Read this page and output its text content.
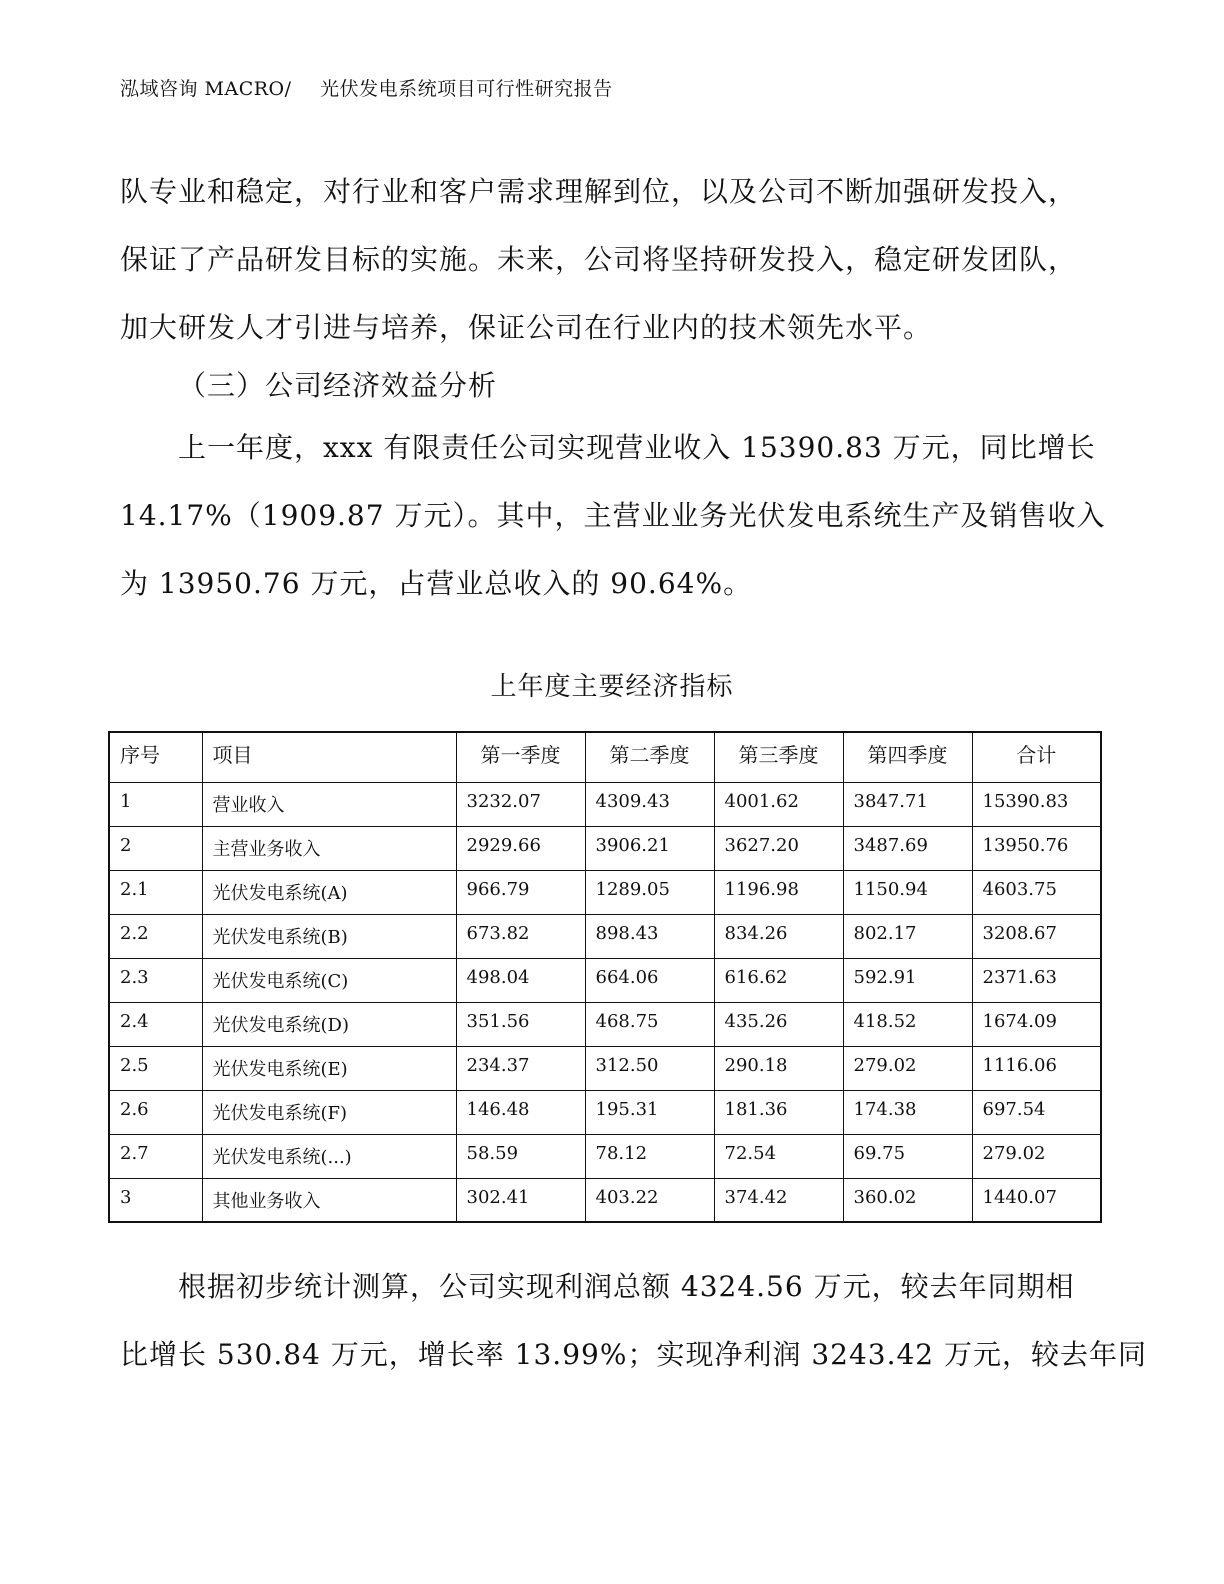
泓域咨询 MACRO/ 光伏发电系统项目可行性研究报告

队专业和稳定，对行业和客户需求理解到位，以及公司不断加强研发投入，

保证了产品研发目标的实施。未来，公司将坚持研发投入，稳定研发团队，

加大研发人才引进与培养，保证公司在行业内的技术领先水平。

（三）公司经济效益分析

上一年度，xxx 有限责任公司实现营业收入 15390.83 万元，同比增长

14.17%（1909.87 万元）。其中，主营业业务光伏发电系统生产及销售收入

为 13950.76 万元，占营业总收入的 90.64%。

上年度主要经济指标
序号	项目	第一季度	第二季度	第三季度	第四季度	合计
1	营业收入	3232.07	4309.43	4001.62	3847.71	15390.83
2	主营业务收入	2929.66	3906.21	3627.20	3487.69	13950.76
2.1	光伏发电系统(A)	966.79	1289.05	1196.98	1150.94	4603.75
2.2	光伏发电系统(B)	673.82	898.43	834.26	802.17	3208.67
2.3	光伏发电系统(C)	498.04	664.06	616.62	592.91	2371.63
2.4	光伏发电系统(D)	351.56	468.75	435.26	418.52	1674.09
2.5	光伏发电系统(E)	234.37	312.50	290.18	279.02	1116.06
2.6	光伏发电系统(F)	146.48	195.31	181.36	174.38	697.54
2.7	光伏发电系统(...)	58.59	78.12	72.54	69.75	279.02
3	其他业务收入	302.41	403.22	374.42	360.02	1440.07

根据初步统计测算，公司实现利润总额 4324.56 万元，较去年同期相

比增长 530.84 万元，增长率 13.99%；实现净利润 3243.42 万元，较去年同
